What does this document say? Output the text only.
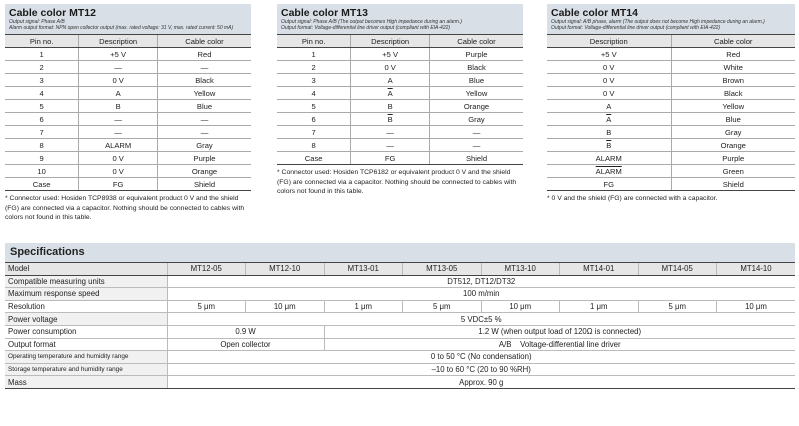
Cable color MT12
Output signal: Phase A/B
Alarm output format: NPN open collector output (max. rated voltage: 31 V, max. rated current: 50 mA)
Pin no.	Description	Cable color
1	+5 V	Red
2	—	—
3	0 V	Black
4	A	Yellow
5	B	Blue
6	—	—
7	—	—
8	ALARM	Gray
9	0 V	Purple
10	0 V	Orange
Case	FG	Shield
* Connector used: Hosiden TCP8938 or equivalent product 0 V and the shield (FG) are connected via a capacitor. Nothing should be connected to cables with colors not found in this table.
Cable color MT13
Output signal: Phase A/B (The output becomes High impedance during an alarm.)
Output format: Voltage-differential line driver output (compliant with EIA-422)
Pin no.	Description	Cable color
1	+5 V	Purple
2	0 V	Black
3	A	Blue
4	$\overline{A}$	Yellow
5	B	Orange
6	$\overline{B}$	Gray
7	—	—
8	—	—
Case	FG	Shield
* Connector used: Hosiden TCP6182 or equivalent product 0 V and the shield (FG) are connected via a capacitor. Nothing should be connected to cables with colors not found in this table.
Cable color MT14
Output signal: A/B phase, alarm (The output does not become High impedance during an alarm.)
Output format: Voltage-differential line driver output (compliant with EIA-422)
Description	Cable color
+5 V	Red
0 V	White
0 V	Brown
0 V	Black
A	Yellow
$\overline{A}$	Blue
B	Gray
$\overline{B}$	Orange
ALARM	Purple
ALARM	Green
FG	Shield
* 0 V and the shield (FG) are connected with a capacitor.
Specifications
Model	MT12-05	MT12-10	MT13-01	MT13-05	MT13-10	MT14-01	MT14-05	MT14-10
Compatible measuring units	DT512, DT12/DT32							
Maximum response speed	100 m/min							
Resolution	5 μm	10 μm	1 μm	5 μm	10 μm	1 μm	5 μm	10 μm
Power voltage	5 VDC±5 %							
Power consumption	0.9 W		1.2 W (when output load of 120Ω is connected)					
Output format	Open collector		A/B    Voltage-differential line driver					
Operating temperature and humidity range	0 to 50 °C (No condensation)							
Storage temperature and humidity range	–10 to 60 °C (20 to 90 %RH)							
Mass	Approx. 90 g							
